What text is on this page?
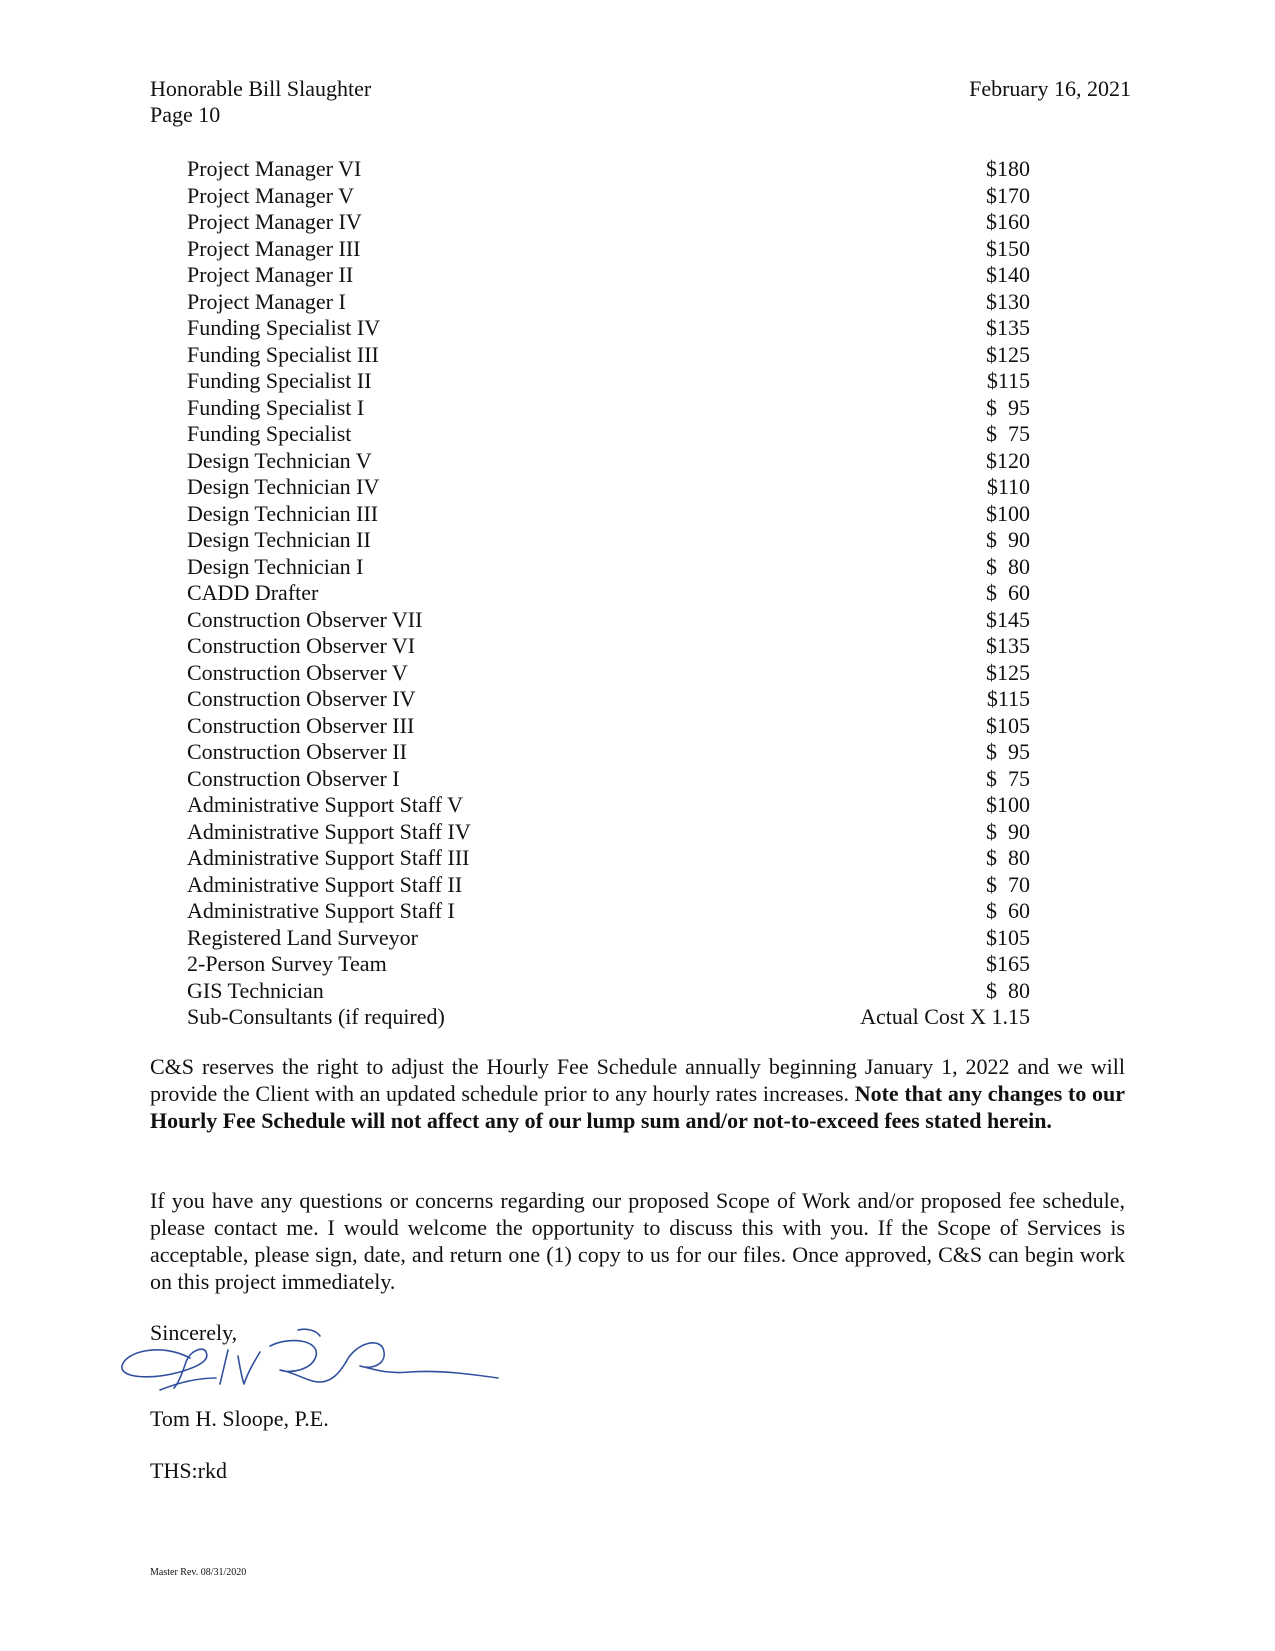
Honorable Bill Slaughter
Page 10
February 16, 2021
Project Manager VI	$180
Project Manager V	$170
Project Manager IV	$160
Project Manager III	$150
Project Manager II	$140
Project Manager I	$130
Funding Specialist IV	$135
Funding Specialist III	$125
Funding Specialist II	$115
Funding Specialist I	$  95
Funding Specialist	$  75
Design Technician V	$120
Design Technician IV	$110
Design Technician III	$100
Design Technician II	$  90
Design Technician I	$  80
CADD Drafter	$  60
Construction Observer VII	$145
Construction Observer VI	$135
Construction Observer V	$125
Construction Observer IV	$115
Construction Observer III	$105
Construction Observer II	$  95
Construction Observer I	$  75
Administrative Support Staff V	$100
Administrative Support Staff IV	$  90
Administrative Support Staff III	$  80
Administrative Support Staff II	$  70
Administrative Support Staff I	$  60
Registered Land Surveyor	$105
2-Person Survey Team	$165
GIS Technician	$  80
Sub-Consultants (if required)	Actual Cost X 1.15
C&S reserves the right to adjust the Hourly Fee Schedule annually beginning January 1, 2022 and we will provide the Client with an updated schedule prior to any hourly rates increases. Note that any changes to our Hourly Fee Schedule will not affect any of our lump sum and/or not-to-exceed fees stated herein.
If you have any questions or concerns regarding our proposed Scope of Work and/or proposed fee schedule, please contact me. I would welcome the opportunity to discuss this with you. If the Scope of Services is acceptable, please sign, date, and return one (1) copy to us for our files. Once approved, C&S can begin work on this project immediately.
Sincerely,
Tom H. Sloope, P.E.
THS:rkd
Master Rev. 08/31/2020
